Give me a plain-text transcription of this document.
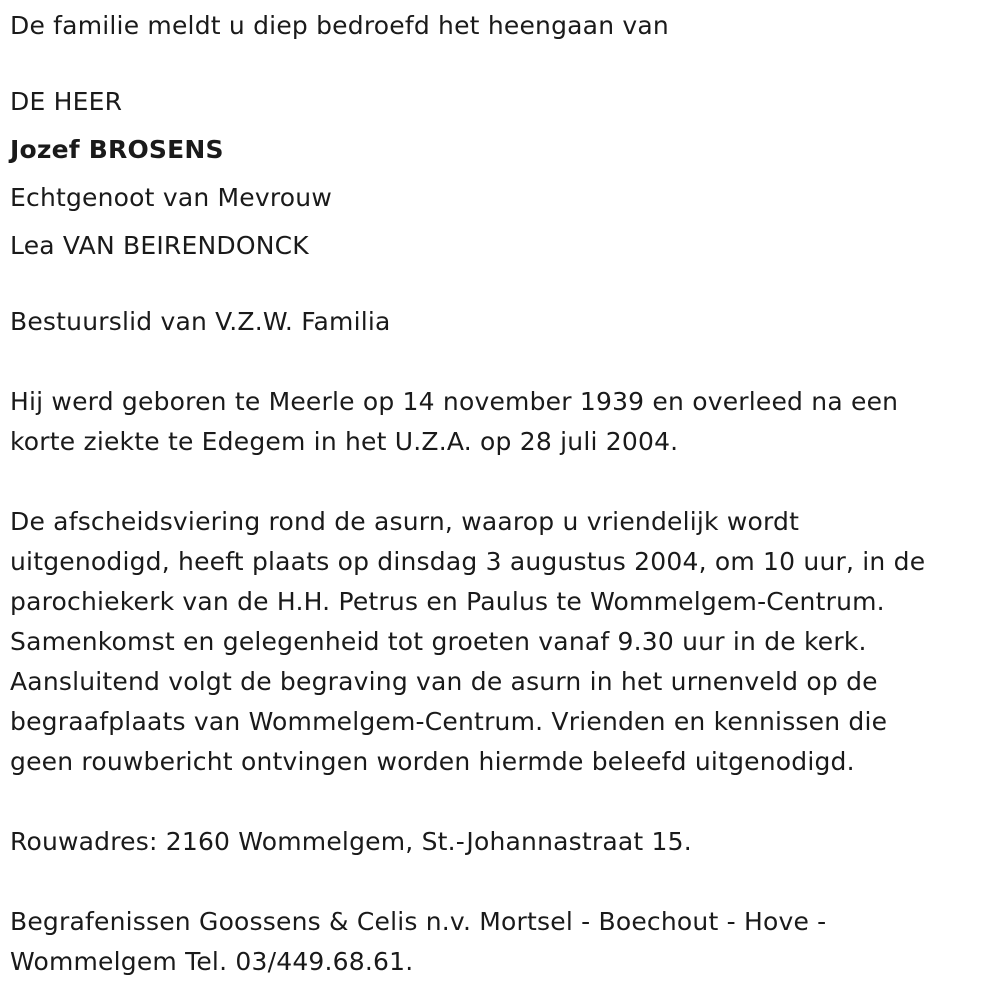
De familie meldt u diep bedroefd het heengaan van
DE HEER
Jozef BROSENS
Echtgenoot van Mevrouw
Lea VAN BEIRENDONCK
Bestuurslid van V.Z.W. Familia
Hij werd geboren te Meerle op 14 november 1939 en overleed na een
korte ziekte te Edegem in het U.Z.A. op 28 juli 2004.
De afscheidsviering rond de asurn, waarop u vriendelijk wordt
uitgenodigd, heeft plaats op dinsdag 3 augustus 2004, om 10 uur, in de
parochiekerk van de H.H. Petrus en Paulus te Wommelgem-Centrum.
Samenkomst en gelegenheid tot groeten vanaf 9.30 uur in de kerk.
Aansluitend volgt de begraving van de asurn in het urnenveld op de
begraafplaats van Wommelgem-Centrum. Vrienden en kennissen die
geen rouwbericht ontvingen worden hiermde beleefd uitgenodigd.
Rouwadres: 2160 Wommelgem, St.-Johannastraat 15.
Begrafenissen Goossens & Celis n.v. Mortsel - Boechout - Hove -
Wommelgem Tel. 03/449.68.61.
